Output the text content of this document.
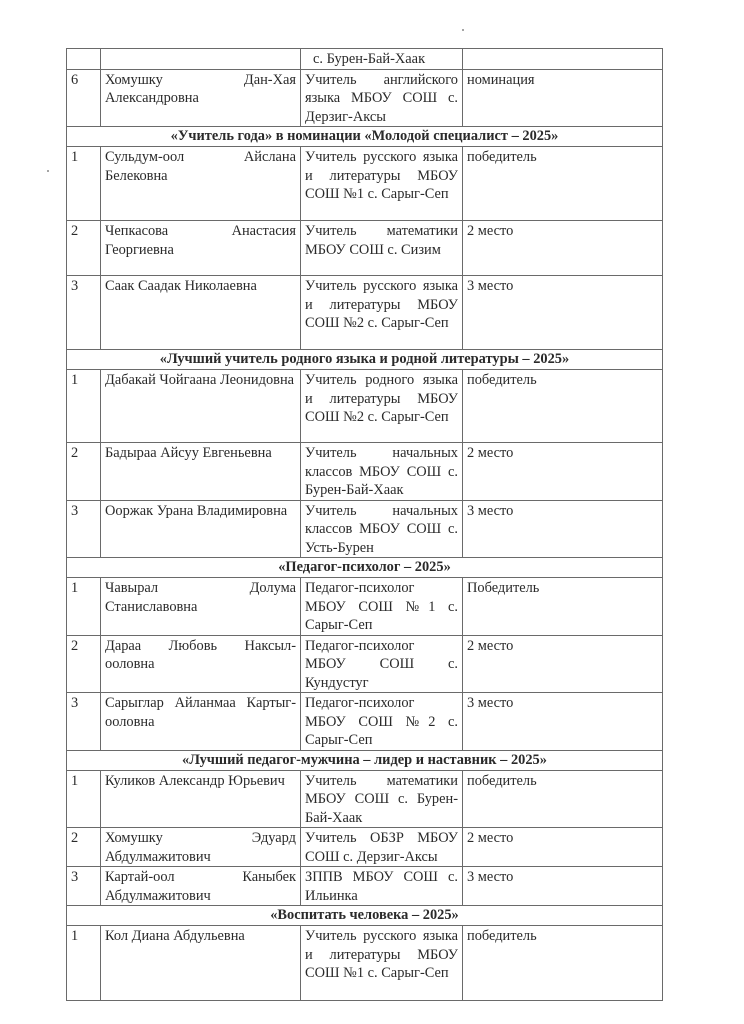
		с. Бурен-Бай-Хаак	
6	Хомушку Дан-Хая Александровна	Учитель английского языка МБОУ СОШ с. Дерзиг-Аксы	номинация
«Учитель года» в номинации «Молодой специалист – 2025»			
1	Сульдум-оол Айслана Белековна	Учитель русского языка и литературы МБОУ СОШ №1 с. Сарыг-Сеп	победитель
2	Чепкасова Анастасия Георгиевна	Учитель математики МБОУ СОШ с. Сизим	2 место
3	Саак Саадак Николаевна	Учитель русского языка и литературы МБОУ СОШ №2 с. Сарыг-Сеп	3 место
«Лучший учитель родного языка и родной литературы – 2025»			
1	Дабакай Чойгаана Леонидовна	Учитель родного языка и литературы МБОУ СОШ №2 с. Сарыг-Сеп	победитель
2	Бадыраа Айсуу Евгеньевна	Учитель начальных классов МБОУ СОШ с. Бурен-Бай-Хаак	2 место
3	Ооржак Урана Владимировна	Учитель начальных классов МБОУ СОШ с. Усть-Бурен	3 место
«Педагог-психолог – 2025»			
1	Чавырал Долума Станиславовна	Педагог-психолог МБОУ СОШ №1 с. Сарыг-Сеп	Победитель
2	Дараа Любовь Наксыл-ооловна	Педагог-психолог МБОУ СОШ с. Кундустуг	2 место
3	Сарыглар Айланмаа Картыг-ооловна	Педагог-психолог МБОУ СОШ №2 с. Сарыг-Сеп	3 место
«Лучший педагог-мужчина – лидер и наставник – 2025»			
1	Куликов Александр Юрьевич	Учитель математики МБОУ СОШ с. Бурен-Бай-Хаак	победитель
2	Хомушку Эдуард Абдулмажитович	Учитель ОБЗР МБОУ СОШ с. Дерзиг-Аксы	2 место
3	Картай-оол Каныбек Абдулмажитович	ЗППВ МБОУ СОШ с. Ильинка	3 место
«Воспитать человека – 2025»			
1	Кол Диана Абдульевна	Учитель русского языка и литературы МБОУ СОШ №1 с. Сарыг-Сеп	победитель
